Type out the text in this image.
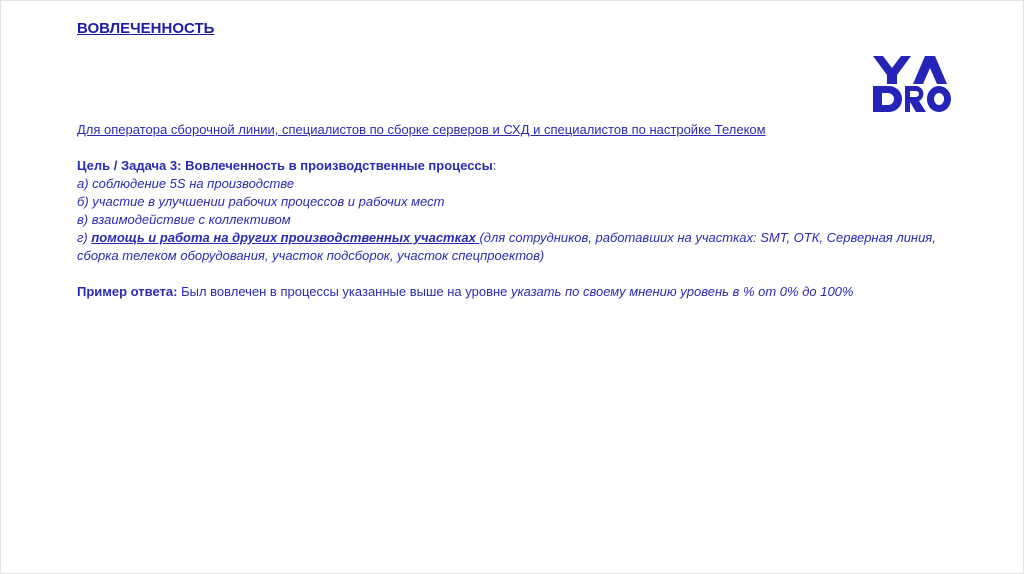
ВОВЛЕЧЕННОСТЬ
Для оператора сборочной линии, специалистов по сборке серверов и СХД и специалистов по настройке Телеком
Цель / Задача 3: Вовлеченность в производственные процессы:
а) соблюдение 5S на производстве
б) участие в улучшении рабочих процессов и рабочих мест
в) взаимодействие с коллективом
г) помощь и работа на других производственных участках (для сотрудников, работавших на участках: SMT, ОТК, Серверная линия,
сборка телеком оборудования, участок подсборок, участок спецпроектов)
Пример ответа: Был вовлечен в процессы указанные выше на уровне указать по своему мнению уровень в % от 0% до 100%
